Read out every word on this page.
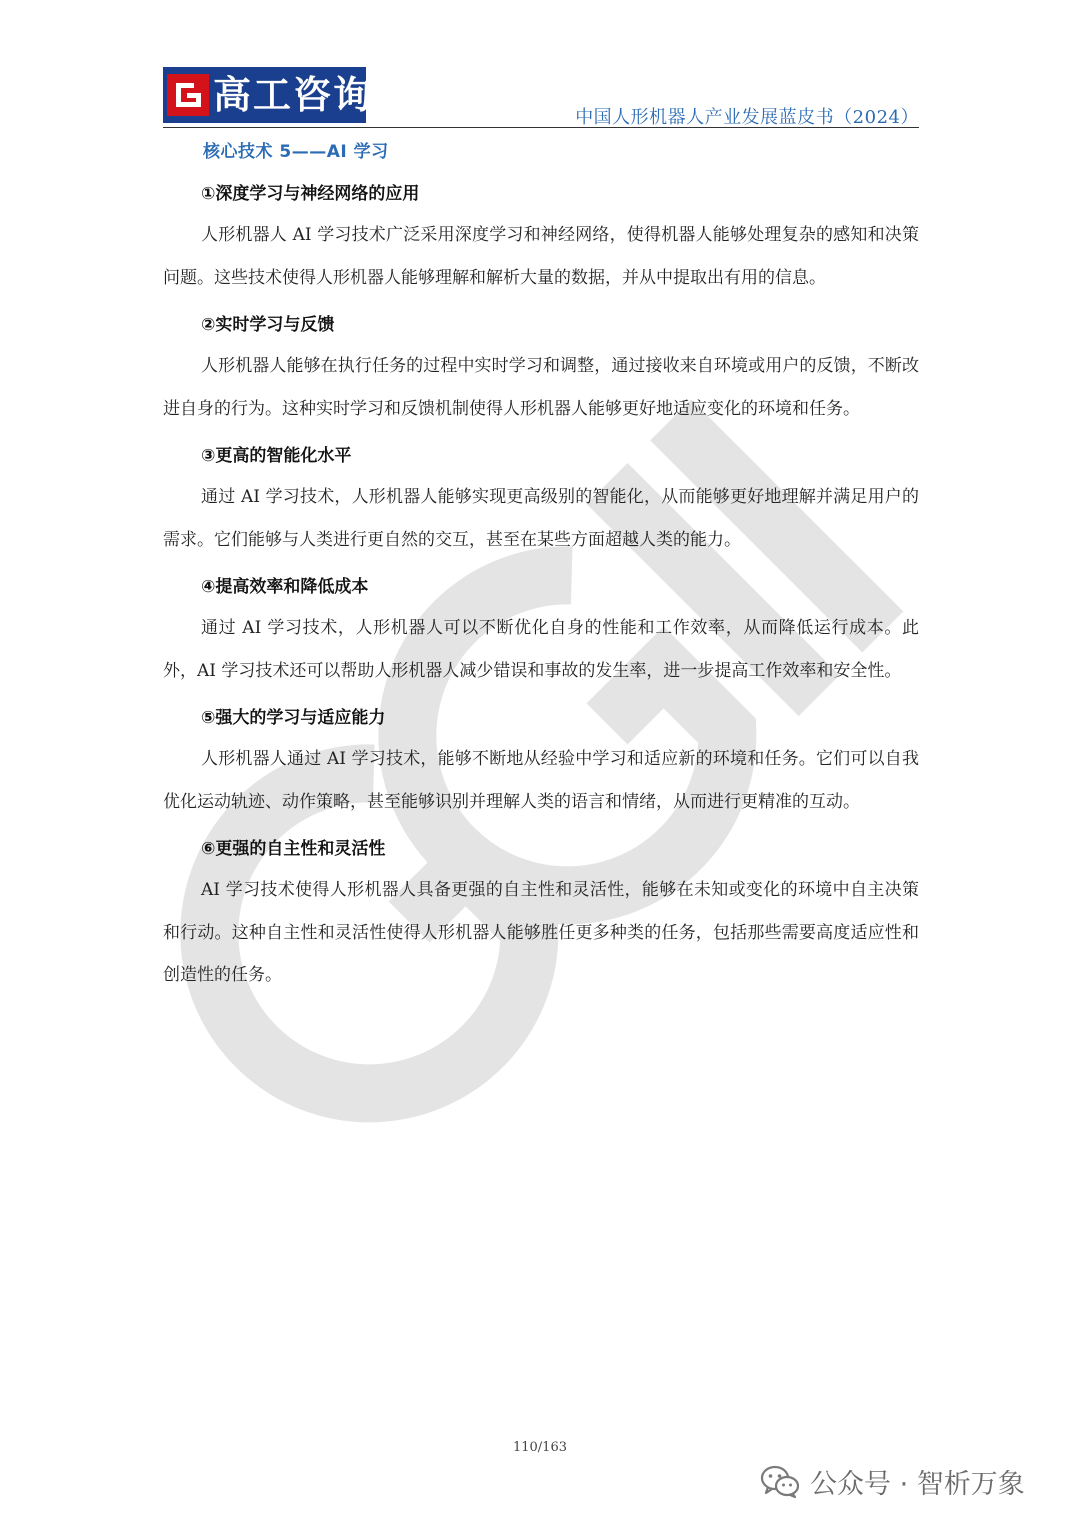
高工咨询
中国人形机器人产业发展蓝皮书（2024）
核心技术 5——AI 学习
①深度学习与神经网络的应用

人形机器人 AI 学习技术广泛采用深度学习和神经网络，使得机器人能够处理复杂的感知和决策问题。这些技术使得人形机器人能够理解和解析大量的数据，并从中提取出有用的信息。

②实时学习与反馈

人形机器人能够在执行任务的过程中实时学习和调整，通过接收来自环境或用户的反馈，不断改进自身的行为。这种实时学习和反馈机制使得人形机器人能够更好地适应变化的环境和任务。

③更高的智能化水平

通过 AI 学习技术，人形机器人能够实现更高级别的智能化，从而能够更好地理解并满足用户的需求。它们能够与人类进行更自然的交互，甚至在某些方面超越人类的能力。

④提高效率和降低成本

通过 AI 学习技术，人形机器人可以不断优化自身的性能和工作效率，从而降低运行成本。此外，AI 学习技术还可以帮助人形机器人减少错误和事故的发生率，进一步提高工作效率和安全性。

⑤强大的学习与适应能力

人形机器人通过 AI 学习技术，能够不断地从经验中学习和适应新的环境和任务。它们可以自我优化运动轨迹、动作策略，甚至能够识别并理解人类的语言和情绪，从而进行更精准的互动。

⑥更强的自主性和灵活性

AI 学习技术使得人形机器人具备更强的自主性和灵活性，能够在未知或变化的环境中自主决策和行动。这种自主性和灵活性使得人形机器人能够胜任更多种类的任务，包括那些需要高度适应性和创造性的任务。

110/163
公众号 · 智析万象
